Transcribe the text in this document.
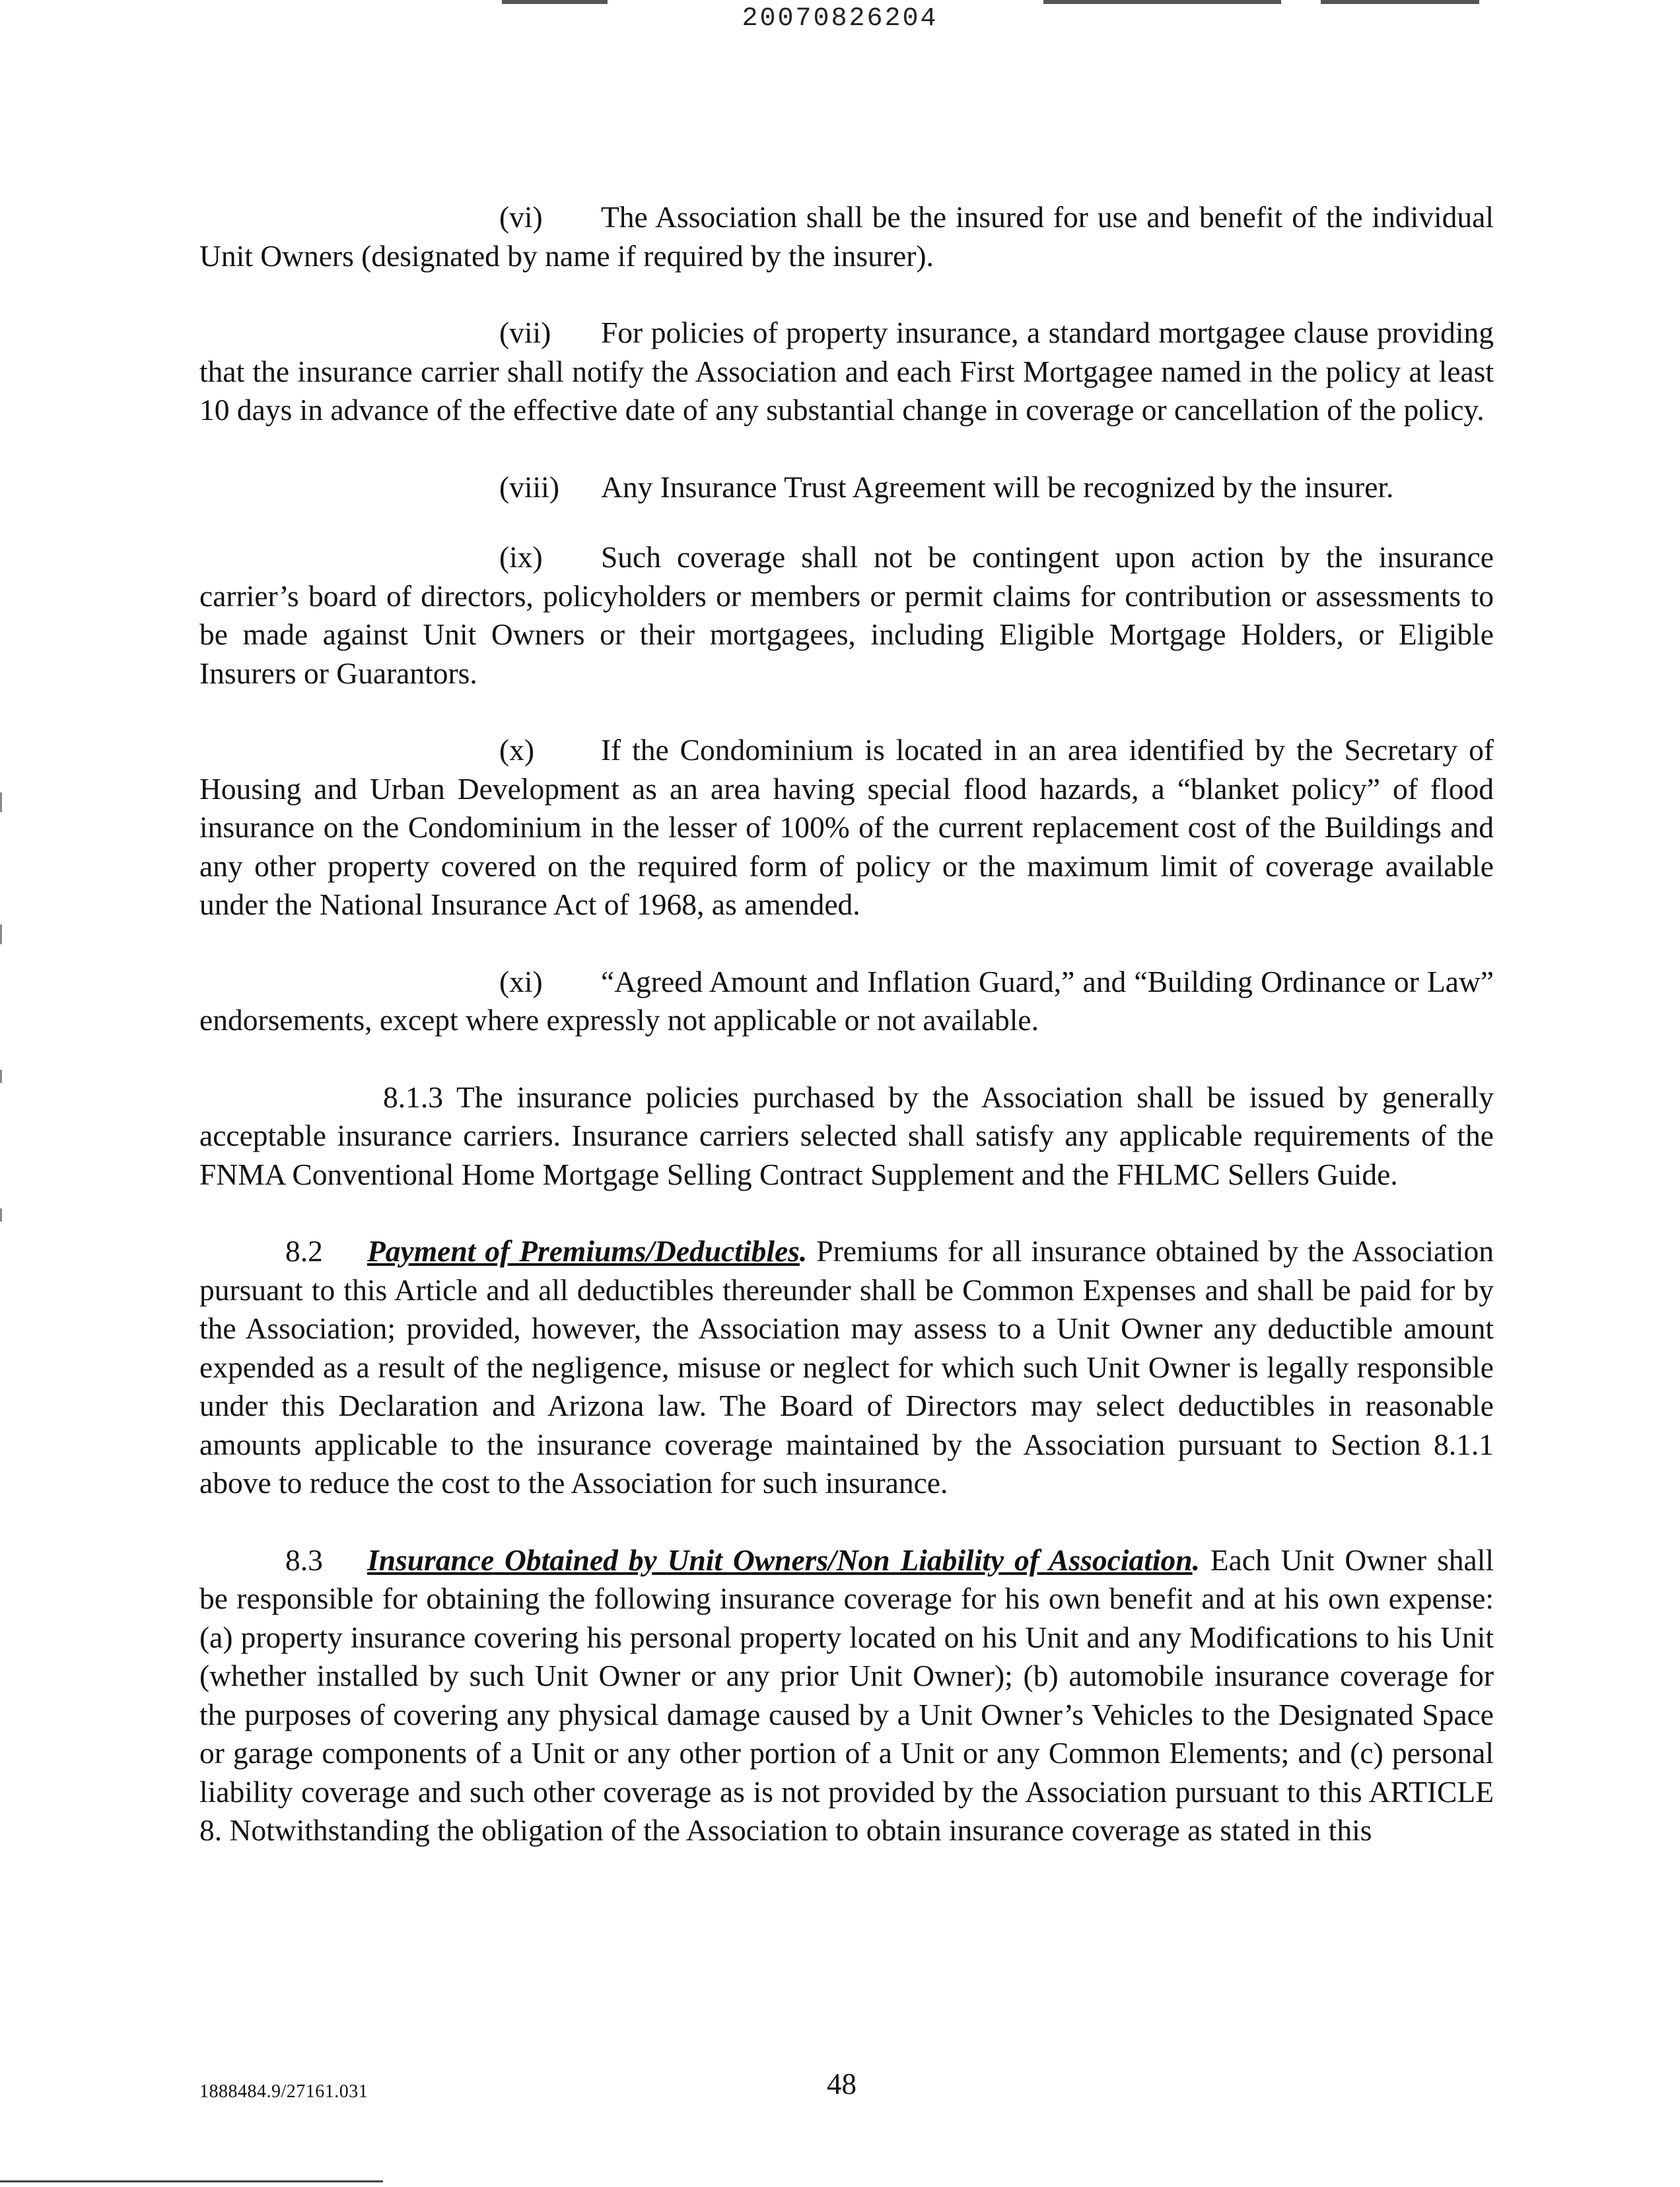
20070826204

(vi) The Association shall be the insured for use and benefit of the individual Unit Owners (designated by name if required by the insurer).

(vii) For policies of property insurance, a standard mortgagee clause providing that the insurance carrier shall notify the Association and each First Mortgagee named in the policy at least 10 days in advance of the effective date of any substantial change in coverage or cancellation of the policy.

(viii) Any Insurance Trust Agreement will be recognized by the insurer.

(ix) Such coverage shall not be contingent upon action by the insurance carrier’s board of directors, policyholders or members or permit claims for contribution or assessments to be made against Unit Owners or their mortgagees, including Eligible Mortgage Holders, or Eligible Insurers or Guarantors.

(x) If the Condominium is located in an area identified by the Secretary of Housing and Urban Development as an area having special flood hazards, a “blanket policy” of flood insurance on the Condominium in the lesser of 100% of the current replacement cost of the Buildings and any other property covered on the required form of policy or the maximum limit of coverage available under the National Insurance Act of 1968, as amended.

(xi) “Agreed Amount and Inflation Guard,” and “Building Ordinance or Law” endorsements, except where expressly not applicable or not available.

8.1.3 The insurance policies purchased by the Association shall be issued by generally acceptable insurance carriers. Insurance carriers selected shall satisfy any applicable requirements of the FNMA Conventional Home Mortgage Selling Contract Supplement and the FHLMC Sellers Guide.

8.2 Payment of Premiums/Deductibles. Premiums for all insurance obtained by the Association pursuant to this Article and all deductibles thereunder shall be Common Expenses and shall be paid for by the Association; provided, however, the Association may assess to a Unit Owner any deductible amount expended as a result of the negligence, misuse or neglect for which such Unit Owner is legally responsible under this Declaration and Arizona law. The Board of Directors may select deductibles in reasonable amounts applicable to the insurance coverage maintained by the Association pursuant to Section 8.1.1 above to reduce the cost to the Association for such insurance.

8.3 Insurance Obtained by Unit Owners/Non Liability of Association. Each Unit Owner shall be responsible for obtaining the following insurance coverage for his own benefit and at his own expense: (a) property insurance covering his personal property located on his Unit and any Modifications to his Unit (whether installed by such Unit Owner or any prior Unit Owner); (b) automobile insurance coverage for the purposes of covering any physical damage caused by a Unit Owner’s Vehicles to the Designated Space or garage components of a Unit or any other portion of a Unit or any Common Elements; and (c) personal liability coverage and such other coverage as is not provided by the Association pursuant to this ARTICLE 8. Notwithstanding the obligation of the Association to obtain insurance coverage as stated in this

1888484.9/27161.031	48
